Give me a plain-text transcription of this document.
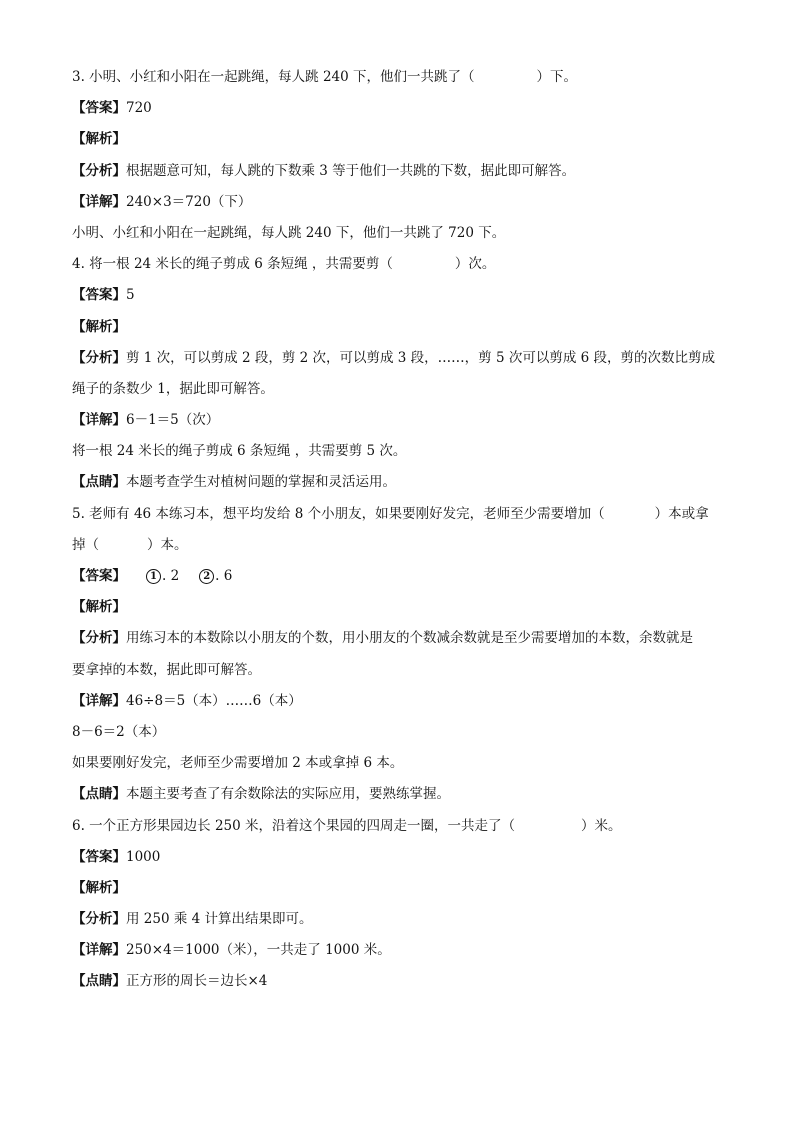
3. 小明、小红和小阳在一起跳绳，每人跳 240 下，他们一共跳了（	）下。
【答案】720
【解析】
【分析】根据题意可知，每人跳的下数乘 3 等于他们一共跳的下数，据此即可解答。
【详解】240×3＝720（下）
小明、小红和小阳在一起跳绳，每人跳 240 下，他们一共跳了 720 下。
4. 将一根 24 米长的绳子剪成 6 条短绳 ，共需要剪（	）次。
【答案】5
【解析】
【分析】剪 1 次，可以剪成 2 段，剪 2 次，可以剪成 3 段，……，剪 5 次可以剪成 6 段，剪的次数比剪成
绳子的条数少 1，据此即可解答。
【详解】6－1＝5（次）
将一根 24 米长的绳子剪成 6 条短绳 ，共需要剪 5 次。
【点睛】本题考查学生对植树问题的掌握和灵活运用。
5. 老师有 46 本练习本，想平均发给 8 个小朋友，如果要刚好发完，老师至少需要增加（	）本或拿
掉（	）本。
【答案】 1 . 2 2 . 6
【解析】
【分析】用练习本的本数除以小朋友的个数，用小朋友的个数减余数就是至少需要增加的本数，余数就是
要拿掉的本数，据此即可解答。
【详解】46÷8＝5（本）……6（本）
8－6＝2（本）
如果要刚好发完，老师至少需要增加 2 本或拿掉 6 本。
【点睛】本题主要考查了有余数除法的实际应用，要熟练掌握。
6. 一个正方形果园边长 250 米，沿着这个果园的四周走一圈，一共走了（	）米。
【答案】1000
【解析】
【分析】用 250 乘 4 计算出结果即可。
【详解】250×4＝1000（米），一共走了 1000 米。
【点睛】正方形的周长＝边长×4
